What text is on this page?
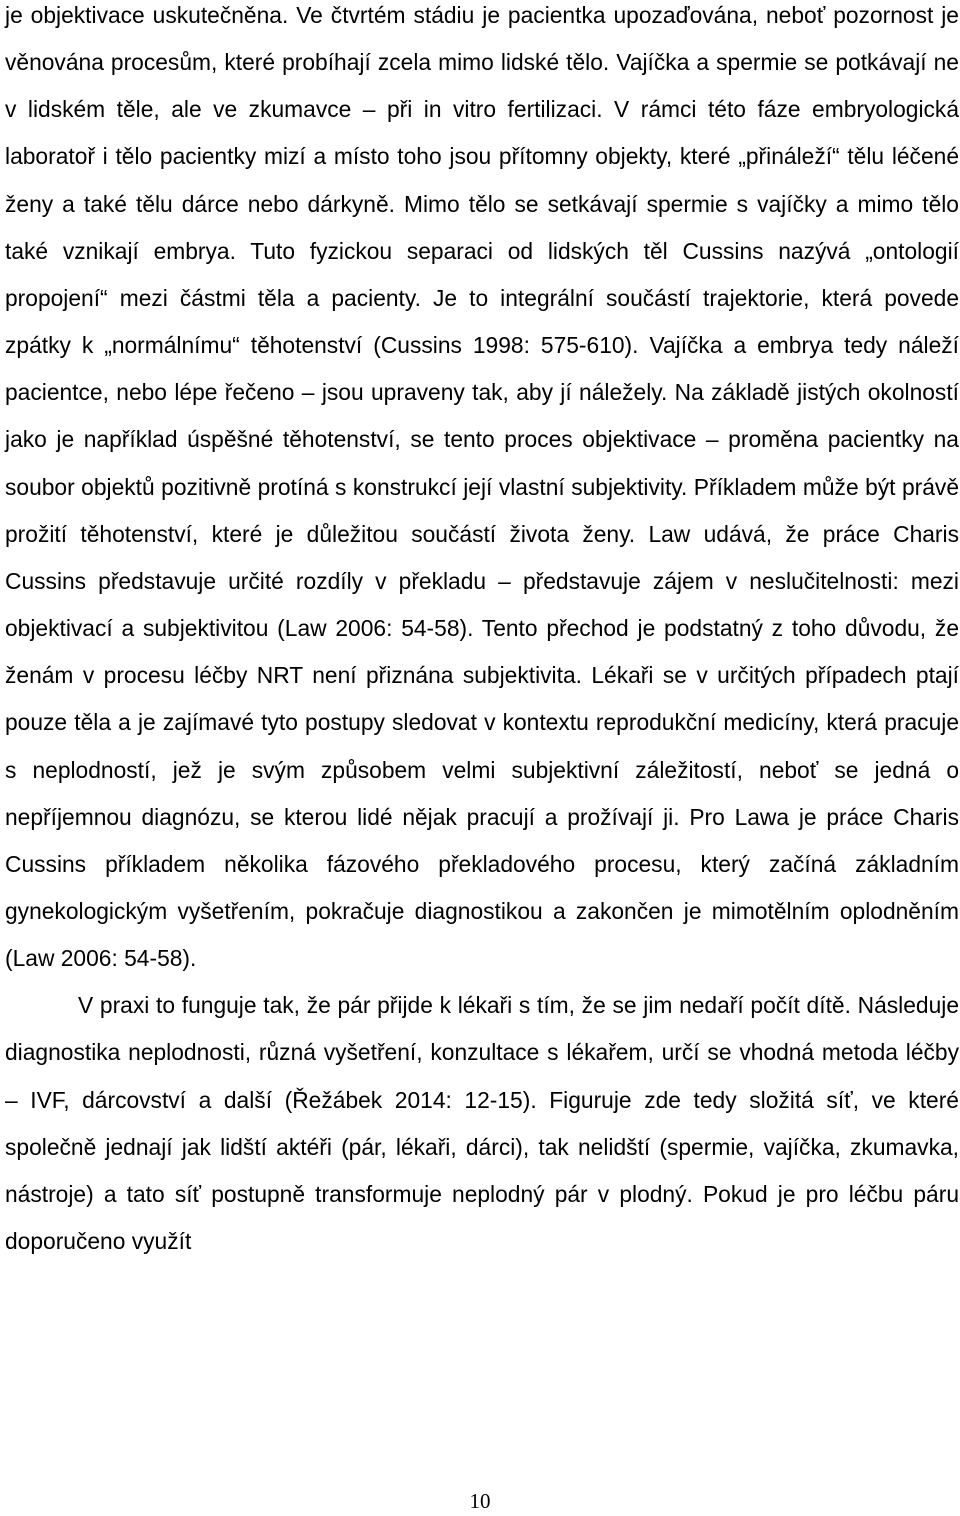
je objektivace uskutečněna. Ve čtvrtém stádiu je pacientka upozaďována, neboť pozornost je věnována procesům, které probíhají zcela mimo lidské tělo. Vajíčka a spermie se potkávají ne v lidském těle, ale ve zkumavce – při in vitro fertilizaci. V rámci této fáze embryologická laboratoř i tělo pacientky mizí a místo toho jsou přítomny objekty, které „přináleží“ tělu léčené ženy a také tělu dárce nebo dárkyně. Mimo tělo se setkávají spermie s vajíčky a mimo tělo také vznikají embrya. Tuto fyzickou separaci od lidských těl Cussins nazývá „ontologií propojení“ mezi částmi těla a pacienty. Je to integrální součástí trajektorie, která povede zpátky k „normálnímu“ těhotenství (Cussins 1998: 575-610). Vajíčka a embrya tedy náleží pacientce, nebo lépe řečeno – jsou upraveny tak, aby jí náležely. Na základě jistých okolností jako je například úspěšné těhotenství, se tento proces objektivace – proměna pacientky na soubor objektů pozitivně protíná s konstrukcí její vlastní subjektivity. Příkladem může být právě prožití těhotenství, které je důležitou součástí života ženy. Law udává, že práce Charis Cussins představuje určité rozdíly v překladu – představuje zájem v neslučitelnosti: mezi objektivací a subjektivitou (Law 2006: 54-58). Tento přechod je podstatný z toho důvodu, že ženám v procesu léčby NRT není přiznána subjektivita. Lékaři se v určitých případech ptají pouze těla a je zajímavé tyto postupy sledovat v kontextu reprodukční medicíny, která pracuje s neplodností, jež je svým způsobem velmi subjektivní záležitostí, neboť se jedná o nepříjemnou diagnózu, se kterou lidé nějak pracují a prožívají ji. Pro Lawa je práce Charis Cussins příkladem několika fázového překladového procesu, který začíná základním gynekologickým vyšetřením, pokračuje diagnostikou a zakončen je mimotělním oplodněním (Law 2006: 54-58).

V praxi to funguje tak, že pár přijde k lékaři s tím, že se jim nedaří počít dítě. Následuje diagnostika neplodnosti, různá vyšetření, konzultace s lékařem, určí se vhodná metoda léčby – IVF, dárcovství a další (Řežábek 2014: 12-15). Figuruje zde tedy složitá síť, ve které společně jednají jak lidští aktéři (pár, lékaři, dárci), tak nelidští (spermie, vajíčka, zkumavka, nástroje) a tato síť postupně transformuje neplodný pár v plodný. Pokud je pro léčbu páru doporučeno využít

10
